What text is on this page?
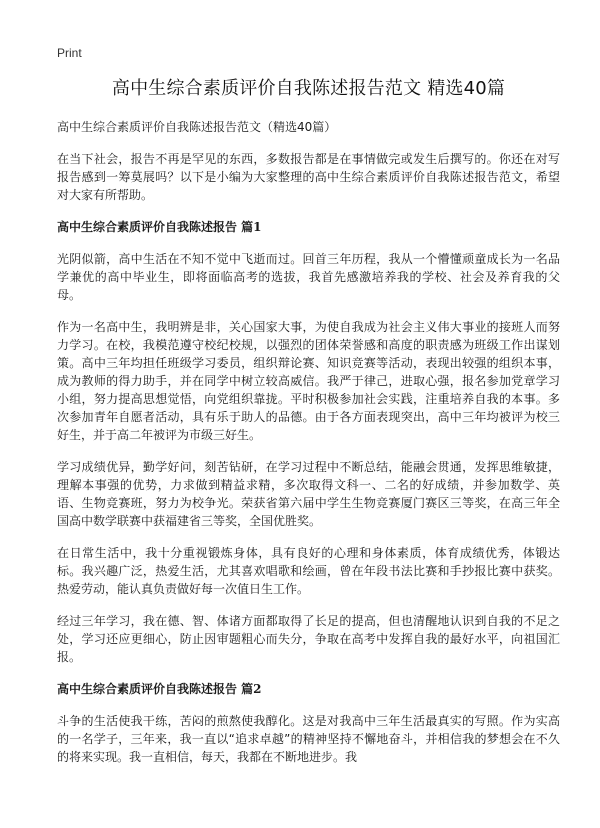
Print
高中生综合素质评价自我陈述报告范文 精选40篇
高中生综合素质评价自我陈述报告范文（精选40篇）

在当下社会，报告不再是罕见的东西，多数报告都是在事情做完或发生后撰写的。你还在对写报告感到一筹莫展吗？以下是小编为大家整理的高中生综合素质评价自我陈述报告范文，希望对大家有所帮助。

高中生综合素质评价自我陈述报告 篇1

光阴似箭，高中生活在不知不觉中飞逝而过。回首三年历程，我从一个懵懂顽童成长为一名品学兼优的高中毕业生，即将面临高考的选拔，我首先感激培养我的学校、社会及养育我的父母。

作为一名高中生，我明辨是非，关心国家大事，为使自我成为社会主义伟大事业的接班人而努力学习。在校，我模范遵守校纪校规，以强烈的团体荣誉感和高度的职责感为班级工作出谋划策。高中三年均担任班级学习委员，组织辩论赛、知识竞赛等活动，表现出较强的组织本事，成为教师的得力助手，并在同学中树立较高威信。我严于律己，进取心强，报名参加党章学习小组，努力提高思想觉悟，向党组织靠拢。平时积极参加社会实践，注重培养自我的本事。多次参加青年自愿者活动，具有乐于助人的品德。由于各方面表现突出，高中三年均被评为校三好生，并于高二年被评为市级三好生。

学习成绩优异，勤学好问，刻苦钻研，在学习过程中不断总结，能融会贯通，发挥思维敏捷，理解本事强的优势，力求做到精益求精，多次取得文科一、二名的好成绩，并参加数学、英语、生物竞赛班，努力为校争光。荣获省第六届中学生生物竞赛厦门赛区三等奖，在高三年全国高中数学联赛中获福建省三等奖，全国优胜奖。

在日常生活中，我十分重视锻炼身体，具有良好的心理和身体素质，体育成绩优秀，体锻达标。我兴趣广泛，热爱生活，尤其喜欢唱歌和绘画，曾在年段书法比赛和手抄报比赛中获奖。热爱劳动，能认真负责做好每一次值日生工作。

经过三年学习，我在德、智、体诸方面都取得了长足的提高，但也清醒地认识到自我的不足之处，学习还应更细心，防止因审题粗心而失分，争取在高考中发挥自我的最好水平，向祖国汇报。

高中生综合素质评价自我陈述报告 篇2

斗争的生活使我干练，苦闷的煎熬使我醇化。这是对我高中三年生活最真实的写照。作为实高的一名学子，三年来，我一直以“追求卓越”的精神坚持不懈地奋斗，并相信我的梦想会在不久的将来实现。我一直相信，每天，我都在不断地进步。我
